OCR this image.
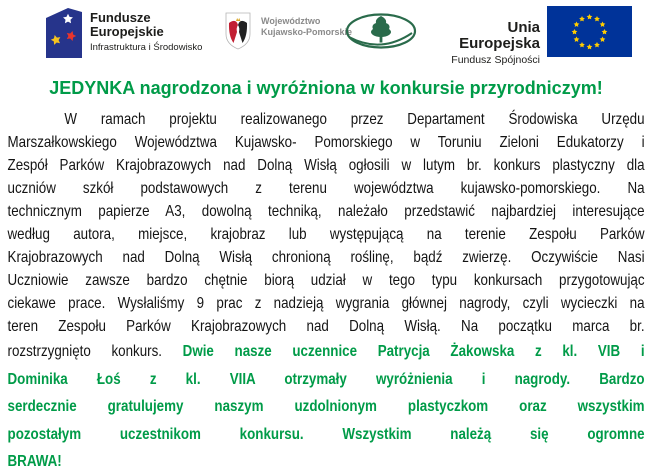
Fundusze
Europejskie
Infrastruktura i Środowisko
Województwo
Kujawsko-Pomorskie	Unia Europejska
Fundusz Spójności
JEDYNKA nagrodzona i wyróżniona w konkursie przyrodniczym!
W ramach projektu realizowanego przez Departament Środowiska Urzędu
Marszałkowskiego Województwa Kujawsko- Pomorskiego w Toruniu Zieloni Edukatorzy i
Zespół Parków Krajobrazowych nad Dolną Wisłą ogłosili w lutym br. konkurs plastyczny dla
uczniów szkół podstawowych z terenu województwa kujawsko-pomorskiego. Na
technicznym papierze A3, dowolną techniką, należało przedstawić najbardziej interesujące
według autora, miejsce, krajobraz lub występującą na terenie Zespołu Parków
Krajobrazowych nad Dolną Wisłą chronioną roślinę, bądź zwierzę. Oczywiście Nasi
Uczniowie zawsze bardzo chętnie biorą udział w tego typu konkursach przygotowując
ciekawe prace. Wysłaliśmy 9 prac z nadzieją wygrania głównej nagrody, czyli wycieczki na
teren Zespołu Parków Krajobrazowych nad Dolną Wisłą. Na początku marca br.
rozstrzygnięto konkurs. Dwie nasze uczennice Patrycja Żakowska z kl. VIB i
Dominika Łoś z kl. VIIA otrzymały wyróżnienia i nagrody. Bardzo
serdecznie gratulujemy naszym uzdolnionym plastyczkom oraz wszystkim
pozostałym uczestnikom konkursu. Wszystkim należą się ogromne
BRAWA!
